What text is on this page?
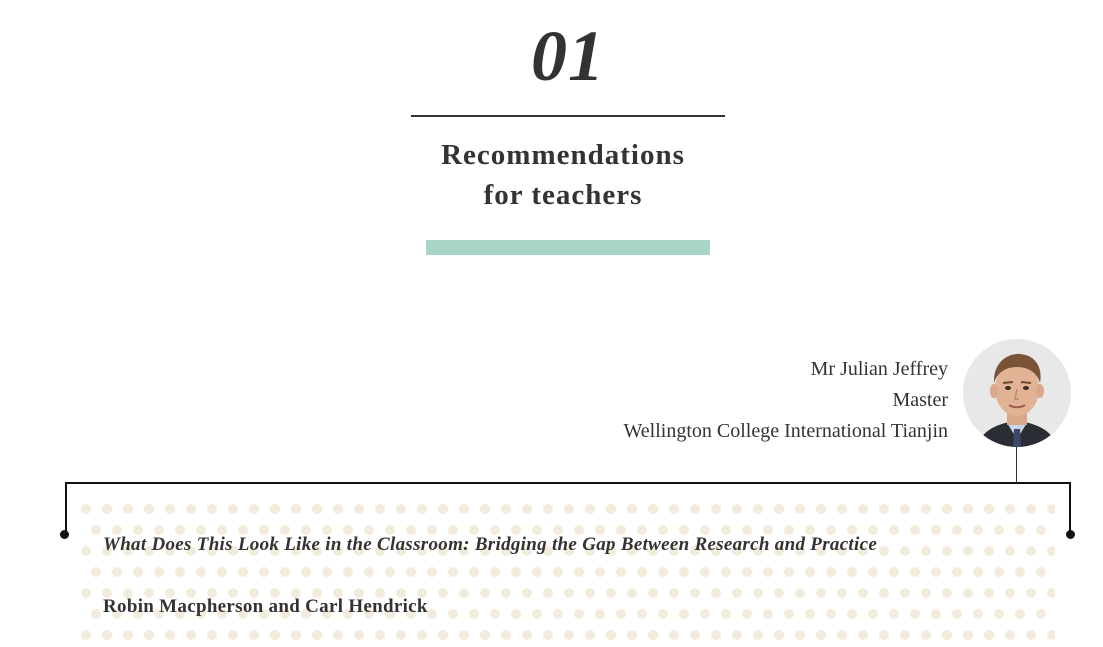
01
Recommendations
for teachers
Mr Julian Jeffrey
Master
Wellington College International Tianjin
What Does This Look Like in the Classroom: Bridging the Gap Between Research and Practice
Robin Macpherson and Carl Hendrick
